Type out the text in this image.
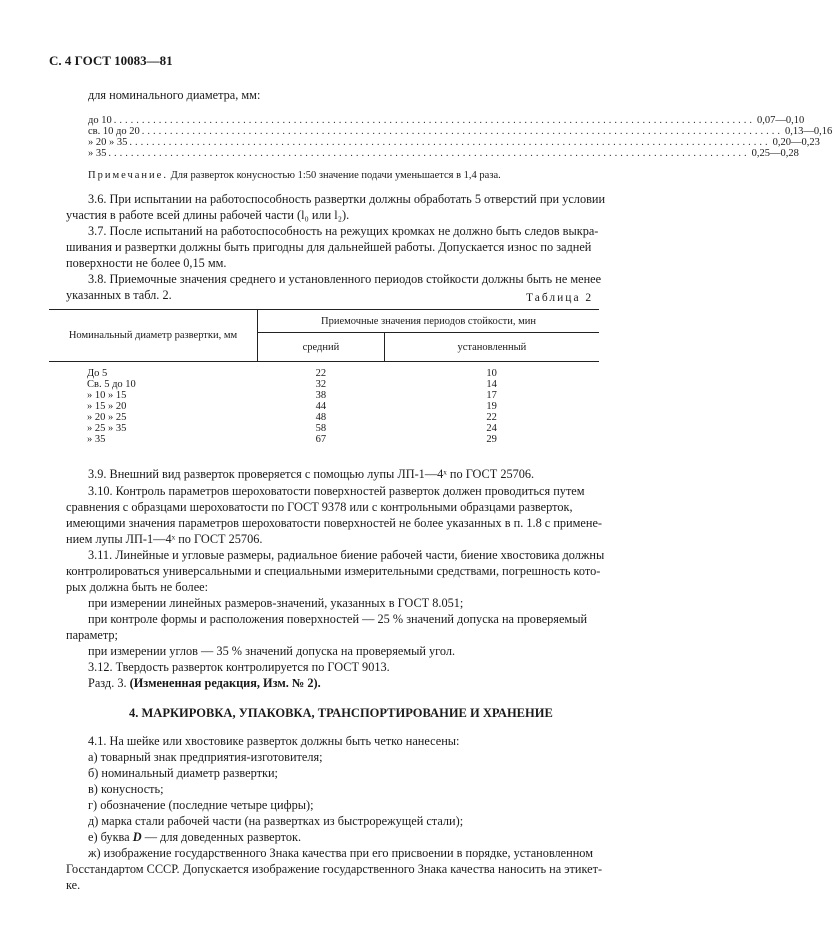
С. 4 ГОСТ 10083—81
для номинального диаметра, мм:
до 10 .................................................................................................................. 0,07—0,10
св. 10 до 20 .................................................................................................................. 0,13—0,16
» 20 » 35 .................................................................................................................. 0,20—0,23
» 35 .................................................................................................................. 0,25—0,28
Примечание. Для разверток конусностью 1:50 значение подачи уменьшается в 1,4 раза.
3.6. При испытании на работоспособность развертки должны обработать 5 отверстий при условии
участия в работе всей длины рабочей части (l₀ или l₂).
3.7. После испытаний на работоспособность на режущих кромках не должно быть следов выкра-
шивания и развертки должны быть пригодны для дальнейшей работы. Допускается износ по задней
поверхности не более 0,15 мм.
3.8. Приемочные значения среднего и установленного периодов стойкости должны быть не менее
указанных в табл. 2.	Таблица 2
Номинальный диаметр развертки, мм	Приемочные значения периодов стойкости, мин	
	средний	установленный
До 5	22	10
Св. 5 до 10	32	14
» 10 » 15	38	17
» 15 » 20	44	19
» 20 » 25	48	22
» 25 » 35	58	24
» 35	67	29
3.9. Внешний вид разверток проверяется с помощью лупы ЛП-1—4ˣ по ГОСТ 25706.
3.10. Контроль параметров шероховатости поверхностей разверток должен проводиться путем
сравнения с образцами шероховатости по ГОСТ 9378 или с контрольными образцами разверток,
имеющими значения параметров шероховатости поверхностей не более указанных в п. 1.8 с примене-
нием лупы ЛП-1—4ˣ по ГОСТ 25706.
3.11. Линейные и угловые размеры, радиальное биение рабочей части, биение хвостовика должны
контролироваться универсальными и специальными измерительными средствами, погрешность кото-
рых должна быть не более:
при измерении линейных размеров-значений, указанных в ГОСТ 8.051;
при контроле формы и расположения поверхностей — 25 % значений допуска на проверяемый
параметр;
при измерении углов — 35 % значений допуска на проверяемый угол.
3.12. Твердость разверток контролируется по ГОСТ 9013.
Разд. 3. (Измененная редакция, Изм. № 2).
4. МАРКИРОВКА, УПАКОВКА, ТРАНСПОРТИРОВАНИЕ И ХРАНЕНИЕ
4.1. На шейке или хвостовике разверток должны быть четко нанесены:
а) товарный знак предприятия-изготовителя;
б) номинальный диаметр развертки;
в) конусность;
г) обозначение (последние четыре цифры);
д) марка стали рабочей части (на развертках из быстрорежущей стали);
е) буква D — для доведенных разверток.
ж) изображение государственного Знака качества при его присвоении в порядке, установленном
Госстандартом СССР. Допускается изображение государственного Знака качества наносить на этикет-
ке.
